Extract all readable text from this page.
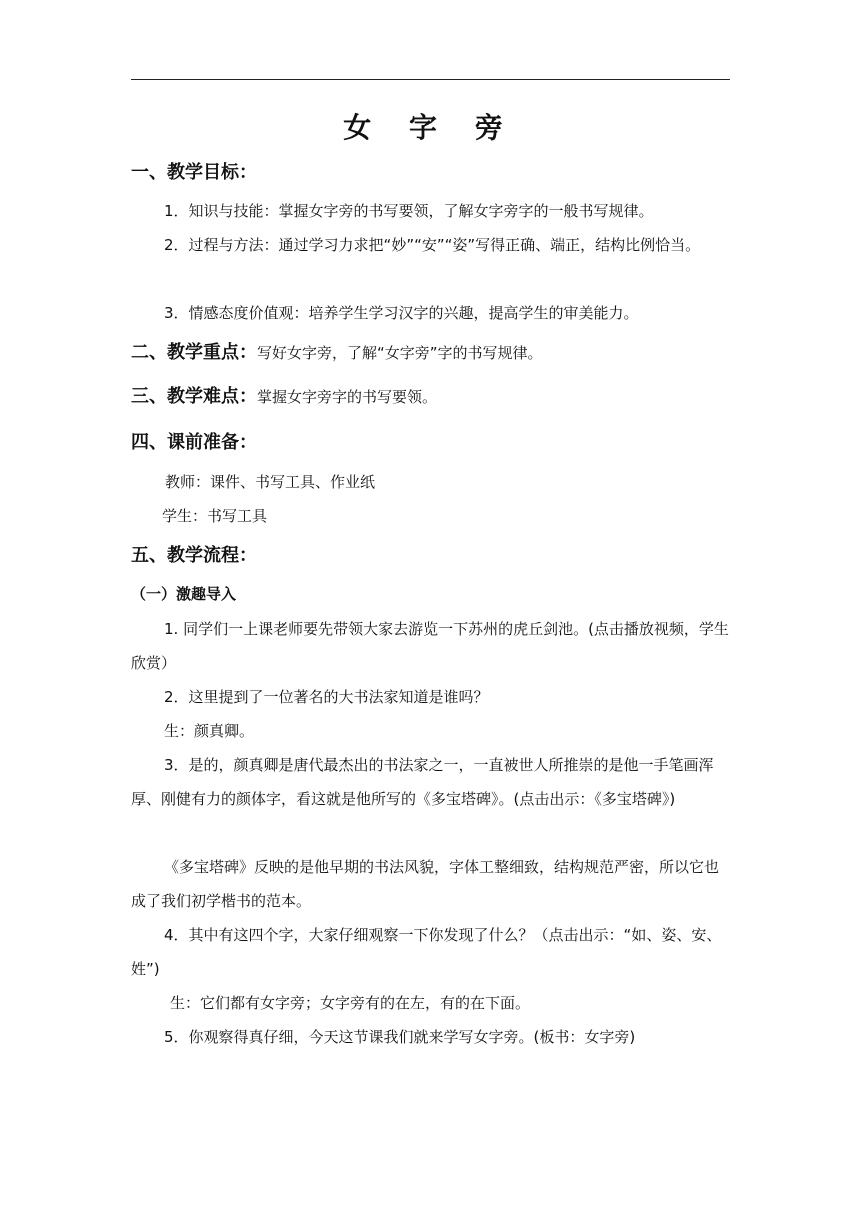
女 字 旁
一、教学目标：
1．知识与技能：掌握女字旁的书写要领，了解女字旁字的一般书写规律。
2．过程与方法：通过学习力求把“妙”“安”“姿”写得正确、端正，结构比例恰当。
3．情感态度价值观：培养学生学习汉字的兴趣，提高学生的审美能力。
二、教学重点：写好女字旁，了解“女字旁”字的书写规律。
三、教学难点：掌握女字旁字的书写要领。
四、课前准备：
教师：课件、书写工具、作业纸
学生：书写工具
五、教学流程：
（一）激趣导入
1. 同学们一上课老师要先带领大家去游览一下苏州的虎丘剑池。(点击播放视频，学生欣赏）
2．这里提到了一位著名的大书法家知道是谁吗？
生：颜真卿。
3．是的，颜真卿是唐代最杰出的书法家之一，一直被世人所推崇的是他一手笔画浑厚、刚健有力的颜体字，看这就是他所写的《多宝塔碑》。(点击出示：《多宝塔碑》)
《多宝塔碑》反映的是他早期的书法风貌，字体工整细致，结构规范严密，所以它也成了我们初学楷书的范本。
4．其中有这四个字，大家仔细观察一下你发现了什么？（点击出示：“如、姿、安、姓”)
生：它们都有女字旁；女字旁有的在左，有的在下面。
5．你观察得真仔细，今天这节课我们就来学写女字旁。(板书：女字旁)
